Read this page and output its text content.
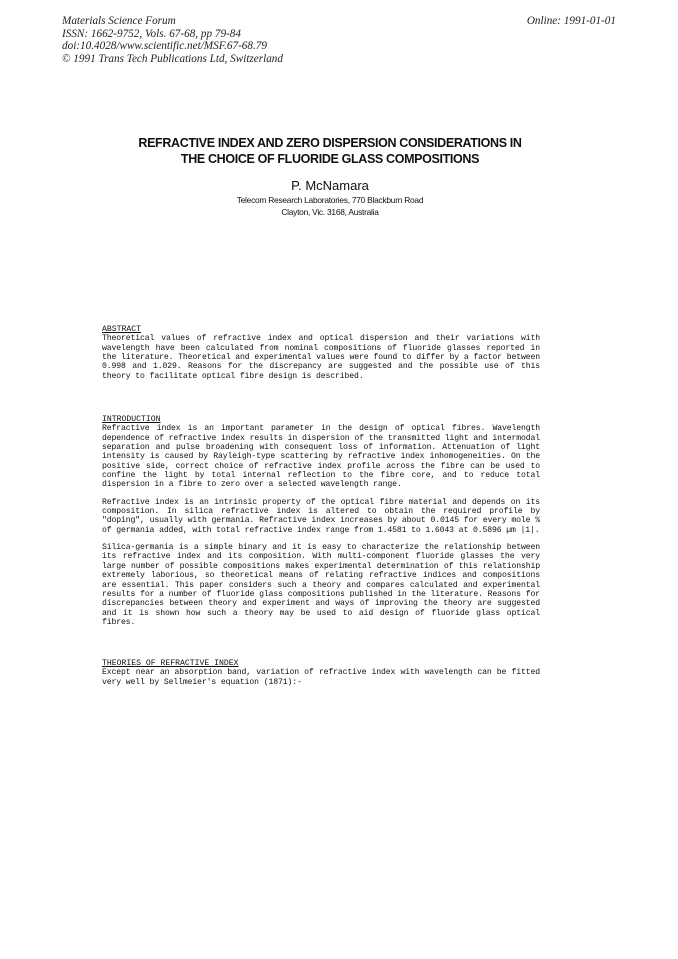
Materials Science Forum
ISSN: 1662-9752, Vols. 67-68, pp 79-84
doi:10.4028/www.scientific.net/MSF.67-68.79
© 1991 Trans Tech Publications Ltd, Switzerland
Online: 1991-01-01
REFRACTIVE INDEX AND ZERO DISPERSION CONSIDERATIONS IN
THE CHOICE OF FLUORIDE GLASS COMPOSITIONS
P. McNamara
Telecom Research Laboratories, 770 Blackburn Road
Clayton, Vic. 3168, Australia
ABSTRACT
Theoretical values of refractive index and optical dispersion and their variations with wavelength have been calculated from nominal compositions of fluoride glasses reported in the literature. Theoretical and experimental values were found to differ by a factor between 0.998 and 1.029. Reasons for the discrepancy are suggested and the possible use of this theory to facilitate optical fibre design is described.
INTRODUCTION
Refractive index is an important parameter in the design of optical fibres. Wavelength dependence of refractive index results in dispersion of the transmitted light and intermodal separation and pulse broadening with consequent loss of information. Attenuation of light intensity is caused by Rayleigh-type scattering by refractive index inhomogeneities. On the positive side, correct choice of refractive index profile across the fibre can be used to confine the light by total internal reflection to the fibre core, and to reduce total dispersion in a fibre to zero over a selected wavelength range.
Refractive index is an intrinsic property of the optical fibre material and depends on its composition. In silica refractive index is altered to obtain the required profile by "doping", usually with germania. Refractive index increases by about 0.0145 for every mole % of germania added, with total refractive index range from 1.4581 to 1.6043 at 0.5896 µm |1|.
Silica-germania is a simple binary and it is easy to characterize the relationship between its refractive index and its composition. With multi-component fluoride glasses the very large number of possible compositions makes experimental determination of this relationship extremely laborious, so theoretical means of relating refractive indices and compositions are essential. This paper considers such a theory and compares calculated and experimental results for a number of fluoride glass compositions published in the literature. Reasons for discrepancies between theory and experiment and ways of improving the theory are suggested and it is shown how such a theory may be used to aid design of fluoride glass optical fibres.
THEORIES OF REFRACTIVE INDEX
Except near an absorption band, variation of refractive index with wavelength can be fitted very well by Sellmeier's equation (1871):-
